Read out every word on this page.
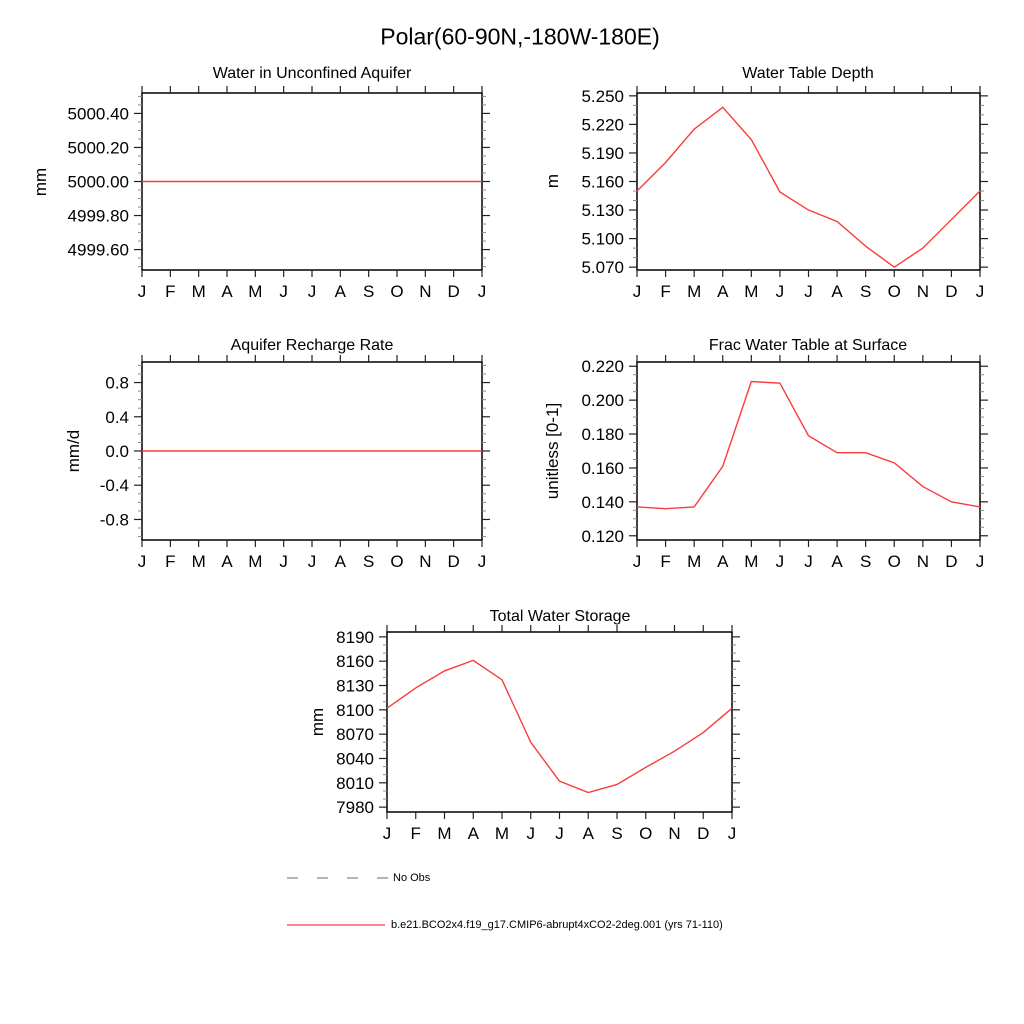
Polar(60-90N,-180W-180E)
Water in Unconfined Aquifer	Water Table Depth
Aquifer Recharge Rate	Frac Water Table at Surface
Total Water Storage
mm	m
mm/d	unitless [0-1]
mm
J F M A M J J A S O N D J
4999.60
4999.80
5000.00
5000.20
5000.40
J F M A M J J A S O N D J
5.070
5.100
5.130
5.160
5.190
5.220
5.250
J F M A M J J A S O N D J
-0.8
-0.4
0.0
0.4
0.8
J F M A M J J A S O N D J
0.120
0.140
0.160
0.180
0.200
0.220
J F M A M J J A S O N D J
7980
8010
8040
8070
8100
8130
8160
8190
No Obs
b.e21.BCO2x4.f19_g17.CMIP6-abrupt4xCO2-2deg.001 (yrs 71-110)
